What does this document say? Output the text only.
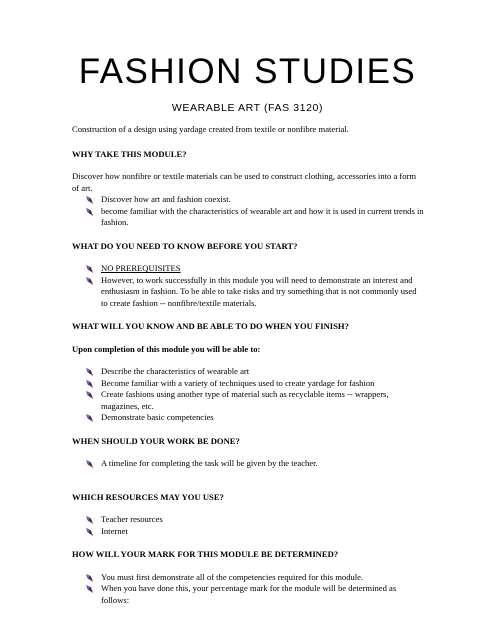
FASHION STUDIES
WEARABLE ART (FAS 3120)

Construction of a design using yardage created from textile or nonfibre material.

WHY TAKE THIS MODULE?

Discover how nonfibre or textile materials can be used to construct clothing, accessories into a form of art.

Discover how art and fashion coexist.
become familiar with the characteristics of wearable art and how it is used in current trends in fashion.

WHAT DO YOU NEED TO KNOW BEFORE YOU START?

NO PREREQUISITES
However, to work successfully in this module you will need to demonstrate an interest and enthusiasm in fashion. To be able to take risks and try something that is not commonly used to create fashion -- nonfibre/textile materials.

WHAT WILL YOU KNOW AND BE ABLE TO DO WHEN YOU FINISH?

Upon completion of this module you will be able to:

Describe the characteristics of wearable art
Become familiar with a variety of techniques used to create yardage for fashion
Create fashions using another type of material such as recyclable items -- wrappers, magazines, etc.
Demonstrate basic competencies

WHEN SHOULD YOUR WORK BE DONE?

A timeline for completing the task will be given by the teacher.

WHICH RESOURCES MAY YOU USE?

Teacher resources
Internet

HOW WILL YOUR MARK FOR THIS MODULE BE DETERMINED?

You must first demonstrate all of the competencies required for this module.
When you have done this, your percentage mark for the module will be determined as follows:
